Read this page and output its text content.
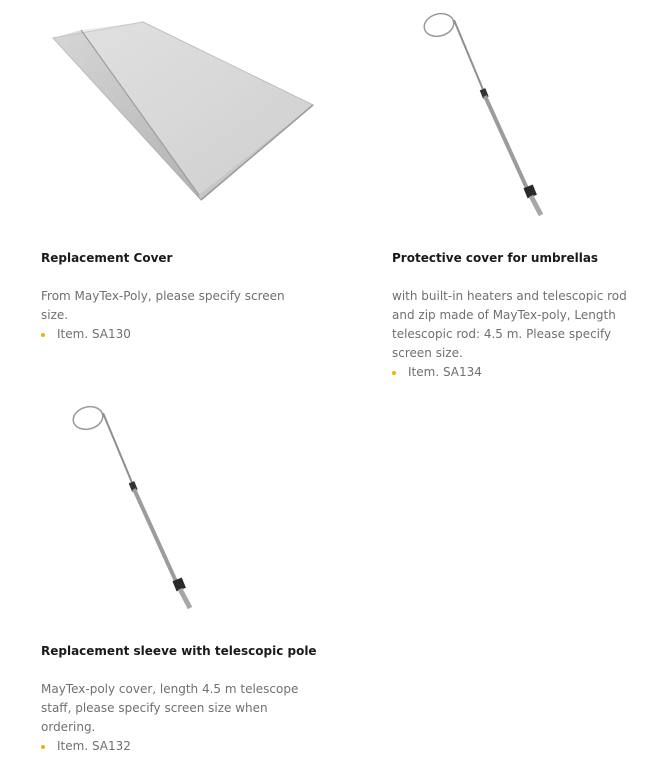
Replacement Cover

From MayTex-Poly, please specify screen size.

Item. SA130
Protective cover for umbrellas

with built-in heaters and telescopic rod and zip made of MayTex-poly, Length telescopic rod: 4.5 m. Please specify screen size.

Item. SA134
Replacement sleeve with telescopic pole

MayTex-poly cover, length 4.5 m telescope staff, please specify screen size when ordering.

Item. SA132
